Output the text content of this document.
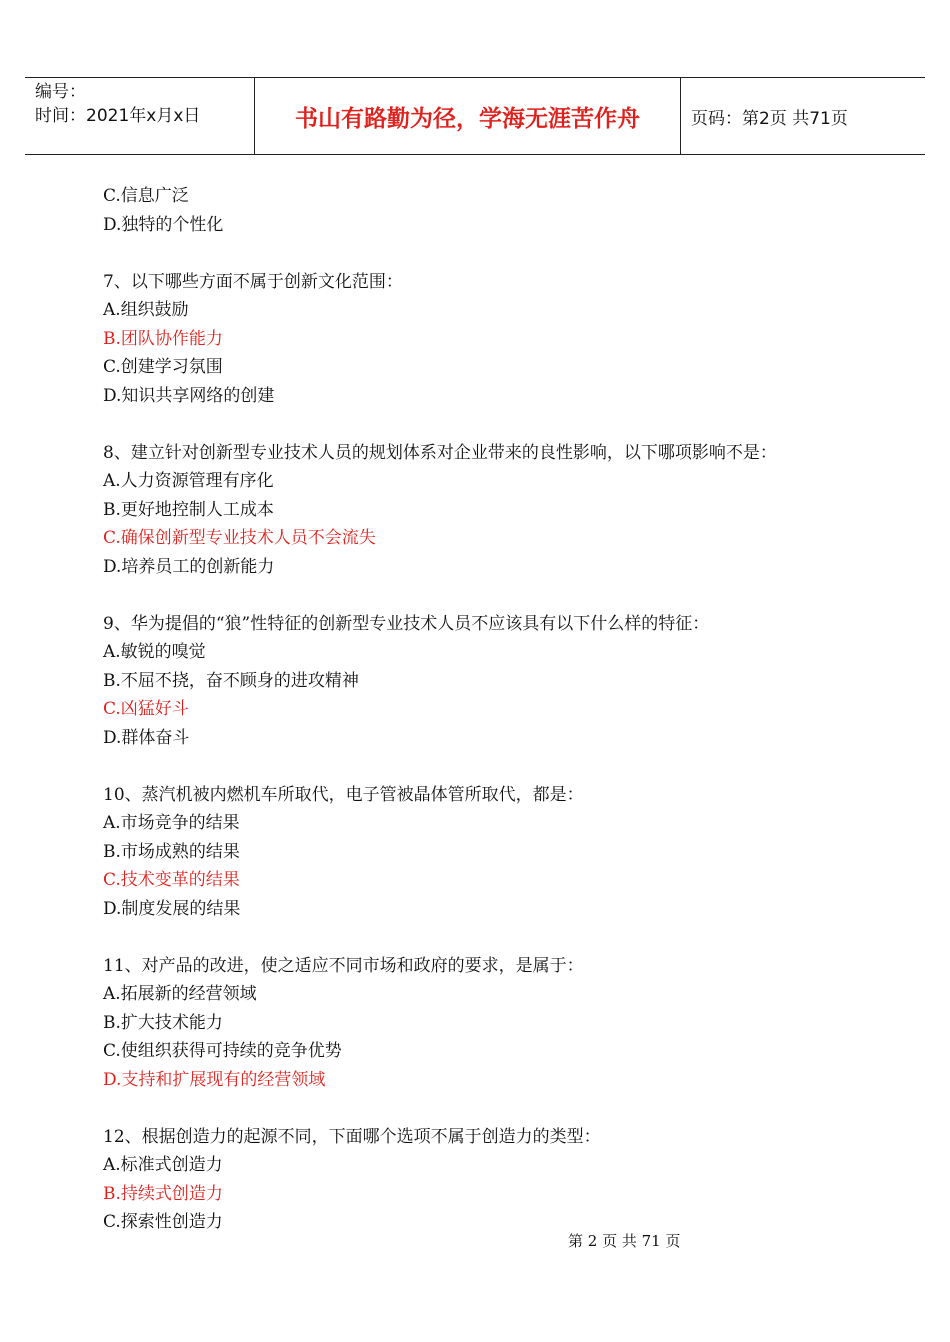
编号：
时间：2021年x月x日	书山有路勤为径，学海无涯苦作舟	页码：第2页 共71页
C.信息广泛
D.独特的个性化
7、以下哪些方面不属于创新文化范围：
A.组织鼓励
B.团队协作能力
C.创建学习氛围
D.知识共享网络的创建
8、建立针对创新型专业技术人员的规划体系对企业带来的良性影响，以下哪项影响不是：
A.人力资源管理有序化
B.更好地控制人工成本
C.确保创新型专业技术人员不会流失
D.培养员工的创新能力
9、华为提倡的“狼”性特征的创新型专业技术人员不应该具有以下什么样的特征：
A.敏锐的嗅觉
B.不屈不挠，奋不顾身的进攻精神
C.凶猛好斗
D.群体奋斗
10、蒸汽机被内燃机车所取代，电子管被晶体管所取代，都是：
A.市场竞争的结果
B.市场成熟的结果
C.技术变革的结果
D.制度发展的结果
11、对产品的改进，使之适应不同市场和政府的要求，是属于：
A.拓展新的经营领域
B.扩大技术能力
C.使组织获得可持续的竞争优势
D.支持和扩展现有的经营领域
12、根据创造力的起源不同，下面哪个选项不属于创造力的类型：
A.标准式创造力
B.持续式创造力
C.探索性创造力
第 2 页 共 71 页
